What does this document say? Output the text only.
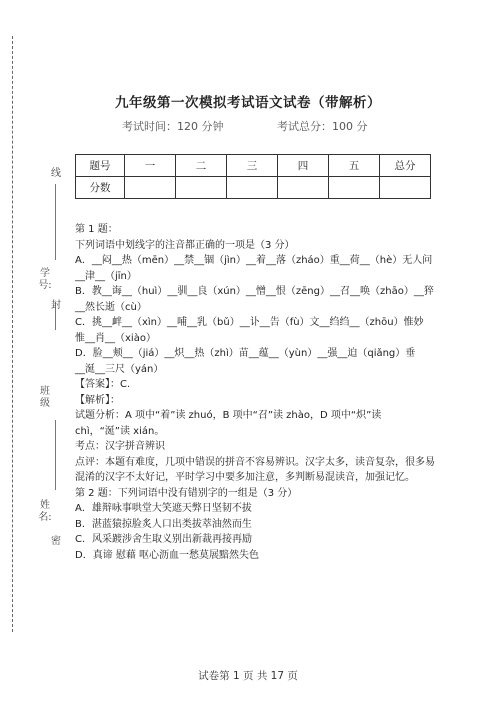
线
学号:
封
班级
姓名:
密
九年级第一次模拟考试语文试卷（带解析）
考试时间：120 分钟	考试总分：100 分
题号	一	二	三	四	五	总分
分数						
第 1 题：
下列词语中划线字的注音都正确的一项是（3 分）
A．__闷__热（mēn）__禁__锢（jìn）__着__落（zháo）重__荷__（hè）无人问
__津__（jīn）
B．教__诲__（huì）__驯__良（xún）__憎__恨（zēng）__召__唤（zhāo）__猝
__然长逝（cù）
C．挑__衅__（xìn）__哺__乳（bǔ）__讣__告（fù）文__绉绉__（zhōu）惟妙
惟__肖__（xiào）
D．脸__颊__（jiá）__炽__热（zhì）苗__蕴__（yùn）__强__迫（qiǎng）垂
__涎__三尺（yán）
【答案】：C.
【解析】：
试题分析：A 项中“着”读 zhuó，B 项中“召”读 zhào，D 项中“炽”读
chì，“涎”读 xián。
考点：汉字拼音辨识
点评：本题有难度，几项中错误的拼音不容易辨识。汉字太多，读音复杂，很多易混淆的汉字不太好记，平时学习中要多加注意，多判断易混读音，加强记忆。
第 2 题：下列词语中没有错别字的一组是（3 分）
A．雄辩咏事哄堂大笑遮天弊日坚韧不拔
B．湛蓝猿掠脸炙人口出类拔萃油然而生
C．风采踱涉舍生取义别出新裁再接再励
D．真谛 慰藉 呕心沥血一愁莫展黯然失色
试卷第 1 页 共 17 页
